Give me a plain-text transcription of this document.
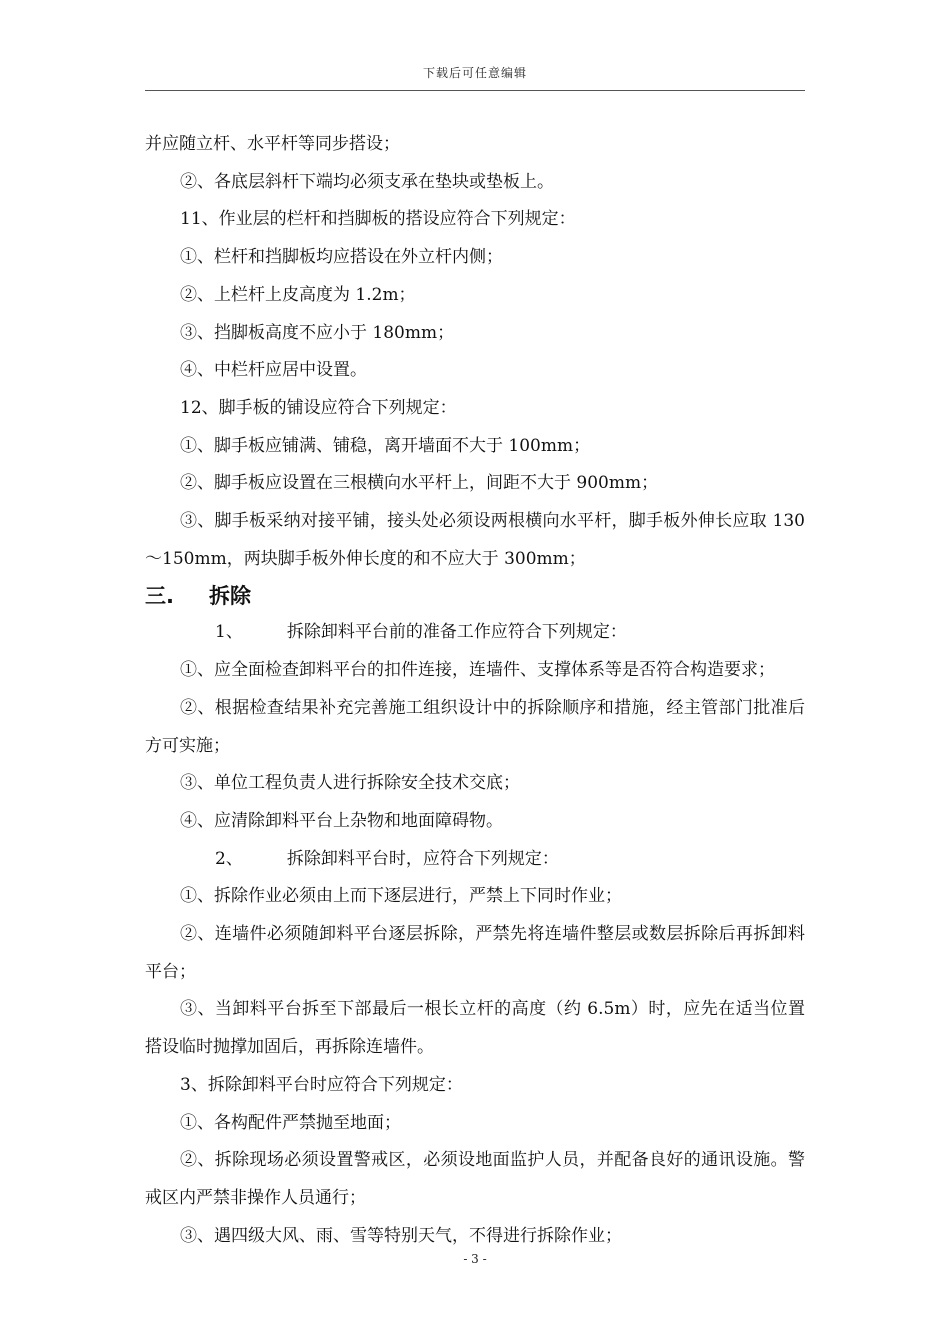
下载后可任意编辑

并应随立杆、水平杆等同步搭设；

②、各底层斜杆下端均必须支承在垫块或垫板上。

11、作业层的栏杆和挡脚板的搭设应符合下列规定：

①、栏杆和挡脚板均应搭设在外立杆内侧；

②、上栏杆上皮高度为 1.2m；

③、挡脚板高度不应小于 180mm；

④、中栏杆应居中设置。

12、脚手板的铺设应符合下列规定：

①、脚手板应铺满、铺稳，离开墙面不大于 100mm；

②、脚手板应设置在三根横向水平杆上，间距不大于 900mm；

③、脚手板采纳对接平铺，接头处必须设两根横向水平杆，脚手板外伸长应取 130～150mm，两块脚手板外伸长度的和不应大于 300mm；

三. 拆除

1、	拆除卸料平台前的准备工作应符合下列规定：

①、应全面检查卸料平台的扣件连接，连墙件、支撑体系等是否符合构造要求；

②、根据检查结果补充完善施工组织设计中的拆除顺序和措施，经主管部门批准后方可实施；

③、单位工程负责人进行拆除安全技术交底；

④、应清除卸料平台上杂物和地面障碍物。

2、	拆除卸料平台时，应符合下列规定：

①、拆除作业必须由上而下逐层进行，严禁上下同时作业；

②、连墙件必须随卸料平台逐层拆除，严禁先将连墙件整层或数层拆除后再拆卸料平台；

③、当卸料平台拆至下部最后一根长立杆的高度（约 6.5m）时，应先在适当位置搭设临时抛撑加固后，再拆除连墙件。

3、拆除卸料平台时应符合下列规定：

①、各构配件严禁抛至地面；

②、拆除现场必须设置警戒区，必须设地面监护人员，并配备良好的通讯设施。警戒区内严禁非操作人员通行；

③、遇四级大风、雨、雪等特别天气，不得进行拆除作业；

- 3 -
